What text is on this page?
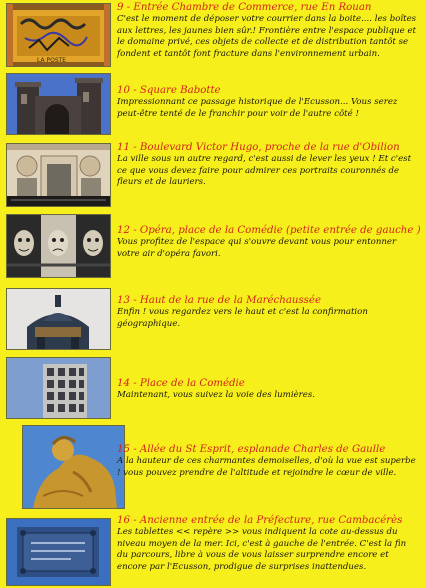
LA POSTE
9 - Entrée Chambre de Commerce, rue En Rouan
C'est le moment de déposer votre courrier dans la boite.... les boîtes aux lettres, les jaunes bien sûr.! Frontière entre l'espace publique et le domaine privé, ces objets de collecte et de distribution tantôt se fondent et tantôt font fracture dans l'environnement urbain.
10 - Square Babotte
Impressionnant ce passage historique de l'Ecusson... Vous serez peut-être tenté de le franchir pour voir de l'autre côté !
11 - Boulevard Victor Hugo, proche de la rue d'Obilion
La ville sous un autre regard, c'est aussi de lever les yeux ! Et c'est ce que vous devez faire pour admirer ces portraits couronnés de fleurs et de lauriers.
12 - Opéra, place de la Comédie (petite entrée de gauche )
Vous profitez de l'espace qui s'ouvre devant vous pour entonner votre air d'opéra favori.
13 - Haut de la rue de la Maréchaussée
Enfin ! vous regardez vers le haut et c'est la confirmation géographique.
14 - Place de la Comédie
Maintenant, vous suivez la voie des lumières.
15 - Allée du St Esprit, esplanade Charles de Gaulle
A la hauteur de ces charmantes demoiselles, d'où la vue est superbe ! vous pouvez prendre de l'altitude et rejoindre le cœur de ville.
16 - Ancienne entrée de la Préfecture, rue Cambacérès
Les tablettes << repère >> vous indiquent la cote au-dessus du niveau moyen de la mer. Ici, c'est à gauche de l'entrée. C'est la fin du parcours, libre à vous de vous laisser surprendre encore et encore par l'Ecusson, prodigue de surprises inattendues.
